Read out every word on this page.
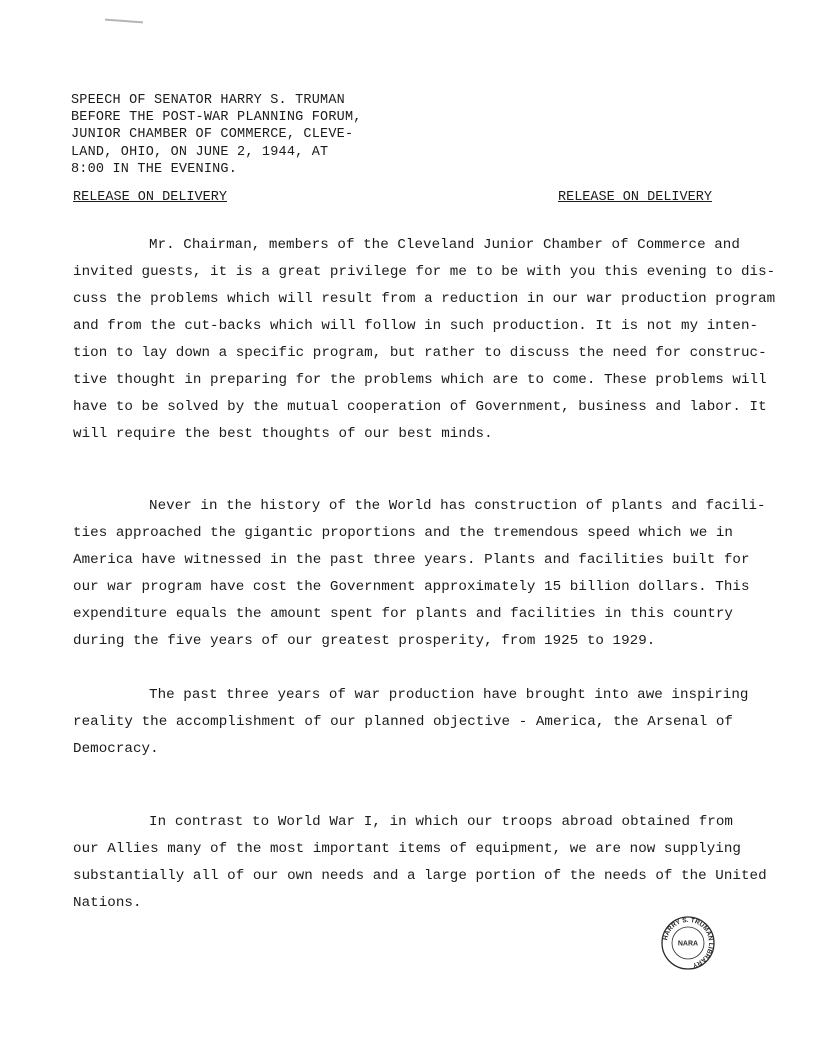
SPEECH OF SENATOR HARRY S. TRUMAN
BEFORE THE POST-WAR PLANNING FORUM,
JUNIOR CHAMBER OF COMMERCE, CLEVE-
LAND, OHIO, ON JUNE 2, 1944, AT
8:00 IN THE EVENING.
RELEASE ON DELIVERY	RELEASE ON DELIVERY
Mr. Chairman, members of the Cleveland Junior Chamber of Commerce and
invited guests, it is a great privilege for me to be with you this evening to dis-
cuss the problems which will result from a reduction in our war production program
and from the cut-backs which will follow in such production. It is not my inten-
tion to lay down a specific program, but rather to discuss the need for construc-
tive thought in preparing for the problems which are to come. These problems will
have to be solved by the mutual cooperation of Government, business and labor. It
will require the best thoughts of our best minds.
Never in the history of the World has construction of plants and facili-
ties approached the gigantic proportions and the tremendous speed which we in
America have witnessed in the past three years. Plants and facilities built for
our war program have cost the Government approximately 15 billion dollars. This
expenditure equals the amount spent for plants and facilities in this country
during the five years of our greatest prosperity, from 1925 to 1929.
The past three years of war production have brought into awe inspiring
reality the accomplishment of our planned objective - America, the Arsenal of
Democracy.
In contrast to World War I, in which our troops abroad obtained from
our Allies many of the most important items of equipment, we are now supplying
substantially all of our own needs and a large portion of the needs of the United
Nations.
HARRY S. TRUMAN LIBRARY
NARA
